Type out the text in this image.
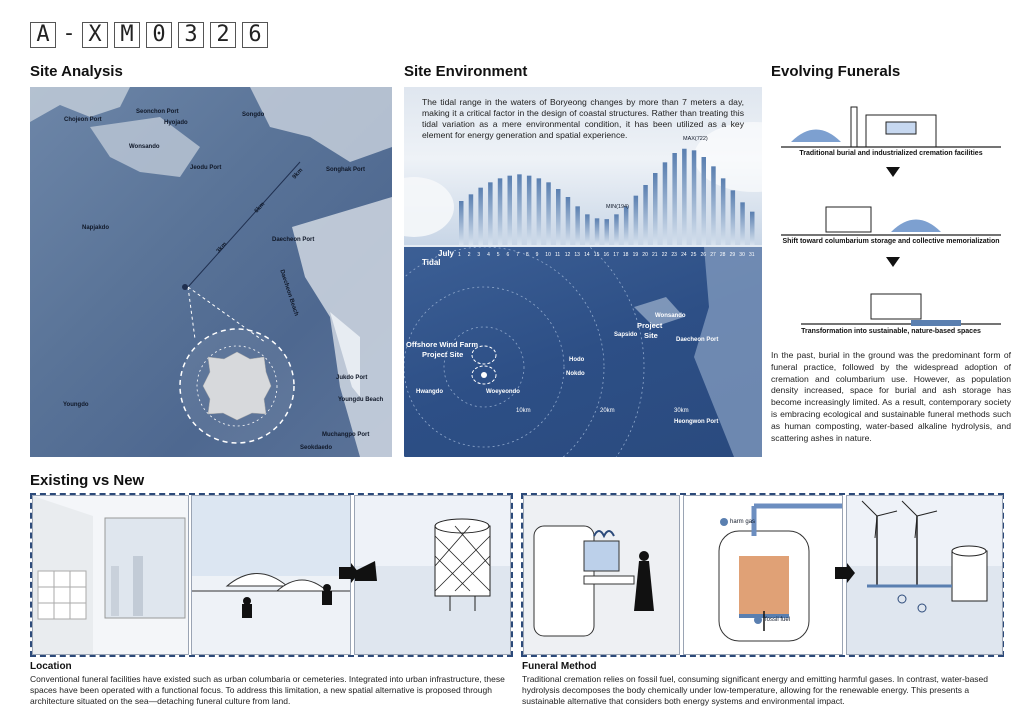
A - X M 0 3 2 6
Site Analysis	Site Environment	Evolving Funerals
Existing vs New
Chojeon Port
Seonchon Port
Hyojado
Wonsando
Songdo
Jeodu Port	Songhak Port
Napjakdo
Daecheon Port
Daecheon Beach
Jukdo Port
Youngdo
Youngdu Beach
Muchangpo Port
Seokdaedo
9km
6km
3km

The tidal range in the waters of Boryeong changes by more than 7 meters a day, making it a critical factor in the design of coastal structures. Rather than treating this tidal variation as a mere environmental condition, it has been utilized as a key element for energy generation and spatial experience.	MAX(722)
MIN(194)
July
Tidal
1 2 3 4 5 6 7 8 9 10 11 12 13 14 15 16 17 18 19 20 21 22 23 24 25 26 27 28 29 30 31
Wonsando
Sapsido
Daecheon Port
Hodo
Nokdo
Hwangdo	Woeyeondo
Heongwon Port
Offshore Wind Farm
Project Site
Project
Site
10km	20km	30km
Traditional burial and industrialized cremation facilities
Shift toward columbarium storage and collective memorialization
Transformation into sustainable, nature-based spaces

In the past, burial in the ground was the predominant form of funeral practice, followed by the widespread adoption of cremation and columbarium use. However, as population density increased, space for burial and ash storage has become increasingly limited. As a result, contemporary society is embracing ecological and sustainable funeral methods such as human composting, water-based alkaline hydrolysis, and scattering ashes in nature.

harm gas
fossil fuel
Location

Conventional funeral facilities have existed such as urban columbaria or cemeteries. Integrated into urban infrastructure, these spaces have been operated with a functional focus. To address this limitation, a new spatial alternative is proposed through architecture situated on the sea—detaching funeral culture from land.

Funeral Method

Traditional cremation relies on fossil fuel, consuming significant energy and emitting harmful gases. In contrast, water-based hydrolysis decomposes the body chemically under low-temperature, allowing for the renewable energy. This presents a sustainable alternative that considers both energy systems and environmental impact.
